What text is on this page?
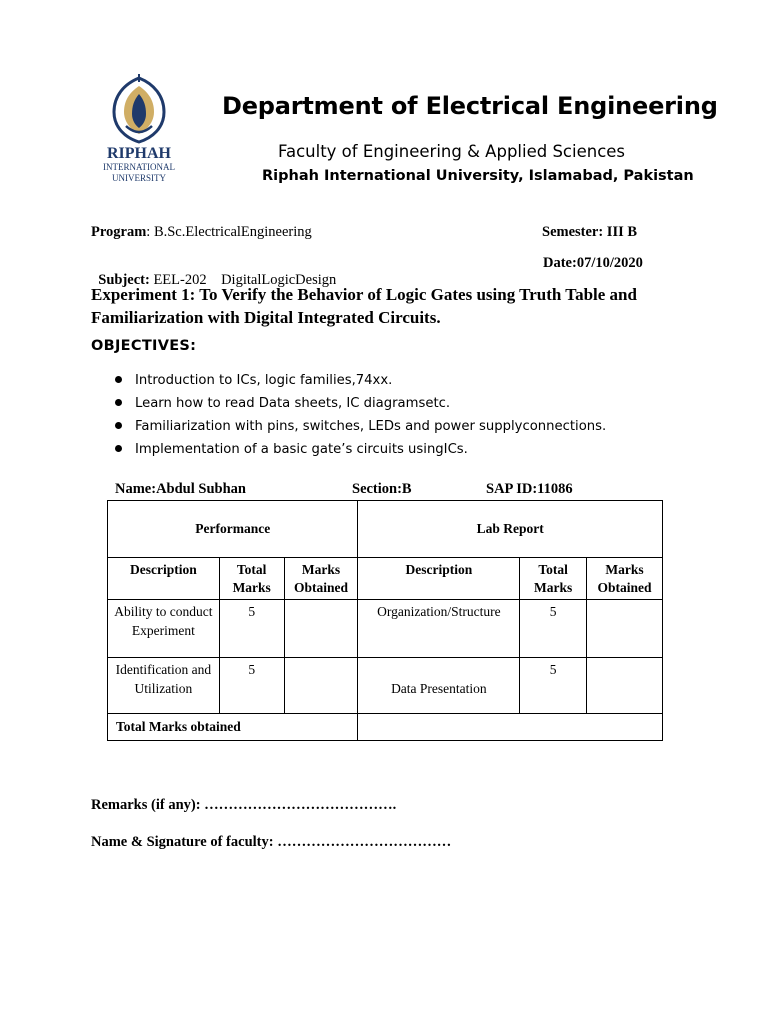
RIPHAH
INTERNATIONAL
UNIVERSITY
Department of Electrical Engineering
Faculty of Engineering & Applied Sciences
Riphah International University, Islamabad, Pakistan
Program: B.Sc.ElectricalEngineering	Semester: III B

Subject: EEL-202    DigitalLogicDesign

Date:07/10/2020
Experiment 1: To Verify the Behavior of Logic Gates using Truth Table and Familiarization with Digital Integrated Circuits.
OBJECTIVES:
Introduction to ICs, logic families,74xx.
Learn how to read Data sheets, IC diagramsetc.
Familiarization with pins, switches, LEDs and power supplyconnections.
Implementation of a basic gate’s circuits usingICs.
Name:Abdul Subhan	Section:B	SAP ID:11086
Performance			Lab Report		
Description	Total Marks	Marks Obtained	Description	Total Marks	Marks Obtained
Ability to conduct Experiment	5		Organization/Structure	5	
Identification and Utilization	5		Data Presentation	5	
Total Marks obtained					
Remarks (if any): ………………………………….
Name & Signature of faculty: ………………………………
